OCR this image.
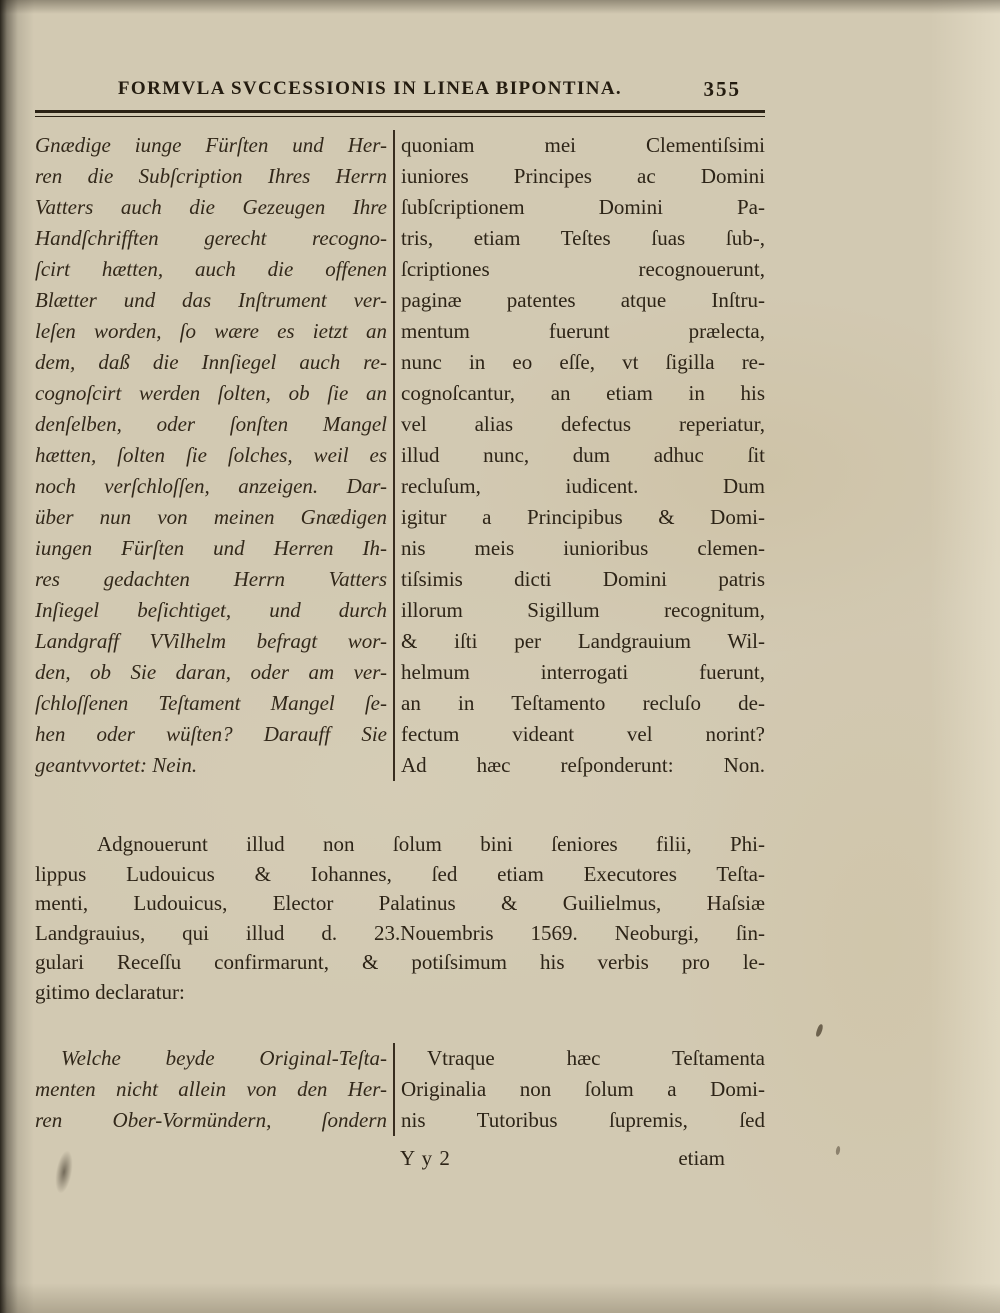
FORMVLA SVCCESSIONIS IN LINEA BIPONTINA.	355
Gnædige iunge Fürſten und Her-
ren die Subſcription Ihres Herrn
Vatters auch die Gezeugen Ihre
Handſchrifften gerecht recogno-
ſcirt hætten, auch die offenen
Blætter und das Inſtrument ver-
leſen worden, ſo wære es ietzt an
dem, daß die Innſiegel auch re-
cognoſcirt werden ſolten, ob ſie an
denſelben, oder ſonſten Mangel
hætten, ſolten ſie ſolches, weil es
noch verſchloſſen, anzeigen. Dar-
über nun von meinen Gnædigen
iungen Fürſten und Herren Ih-
res gedachten Herrn Vatters
Inſiegel beſichtiget, und durch
Landgraff VVilhelm befragt wor-
den, ob Sie daran, oder am ver-
ſchloſſenen Teſtament Mangel ſe-
hen oder wüſten? Darauff Sie
geantvvortet: Nein.
quoniam mei Clementiſsimi
iuniores Principes ac Domini
ſubſcriptionem Domini Pa-
tris, etiam Teſtes ſuas ſub-,
ſcriptiones recognouerunt,
paginæ patentes atque Inſtru-
mentum fuerunt prælecta,
nunc in eo eſſe, vt ſigilla re-
cognoſcantur, an etiam in his
vel alias defectus reperiatur,
illud nunc, dum adhuc ſit
recluſum, iudicent. Dum
igitur a Principibus & Domi-
nis meis iunioribus clemen-
tiſsimis dicti Domini patris
illorum Sigillum recognitum,
& iſti per Landgrauium Wil-
helmum interrogati fuerunt,
an in Teſtamento recluſo de-
fectum videant vel norint?
Ad hæc reſponderunt: Non.
Adgnouerunt illud non ſolum bini ſeniores filii, Phi-
lippus Ludouicus & Iohannes, ſed etiam Executores Teſta-
menti, Ludouicus, Elector Palatinus & Guilielmus, Haſsiæ
Landgrauius, qui illud d. 23.Nouembris 1569. Neoburgi, ſin-
gulari Receſſu confirmarunt, & potiſsimum his verbis pro le-
gitimo declaratur:
Welche beyde Original-Teſta-
menten nicht allein von den Her-
ren Ober-Vormündern, ſondern
Vtraque hæc Teſtamenta
Originalia non ſolum a Domi-
nis Tutoribus ſupremis, ſed
Y y 2	etiam
